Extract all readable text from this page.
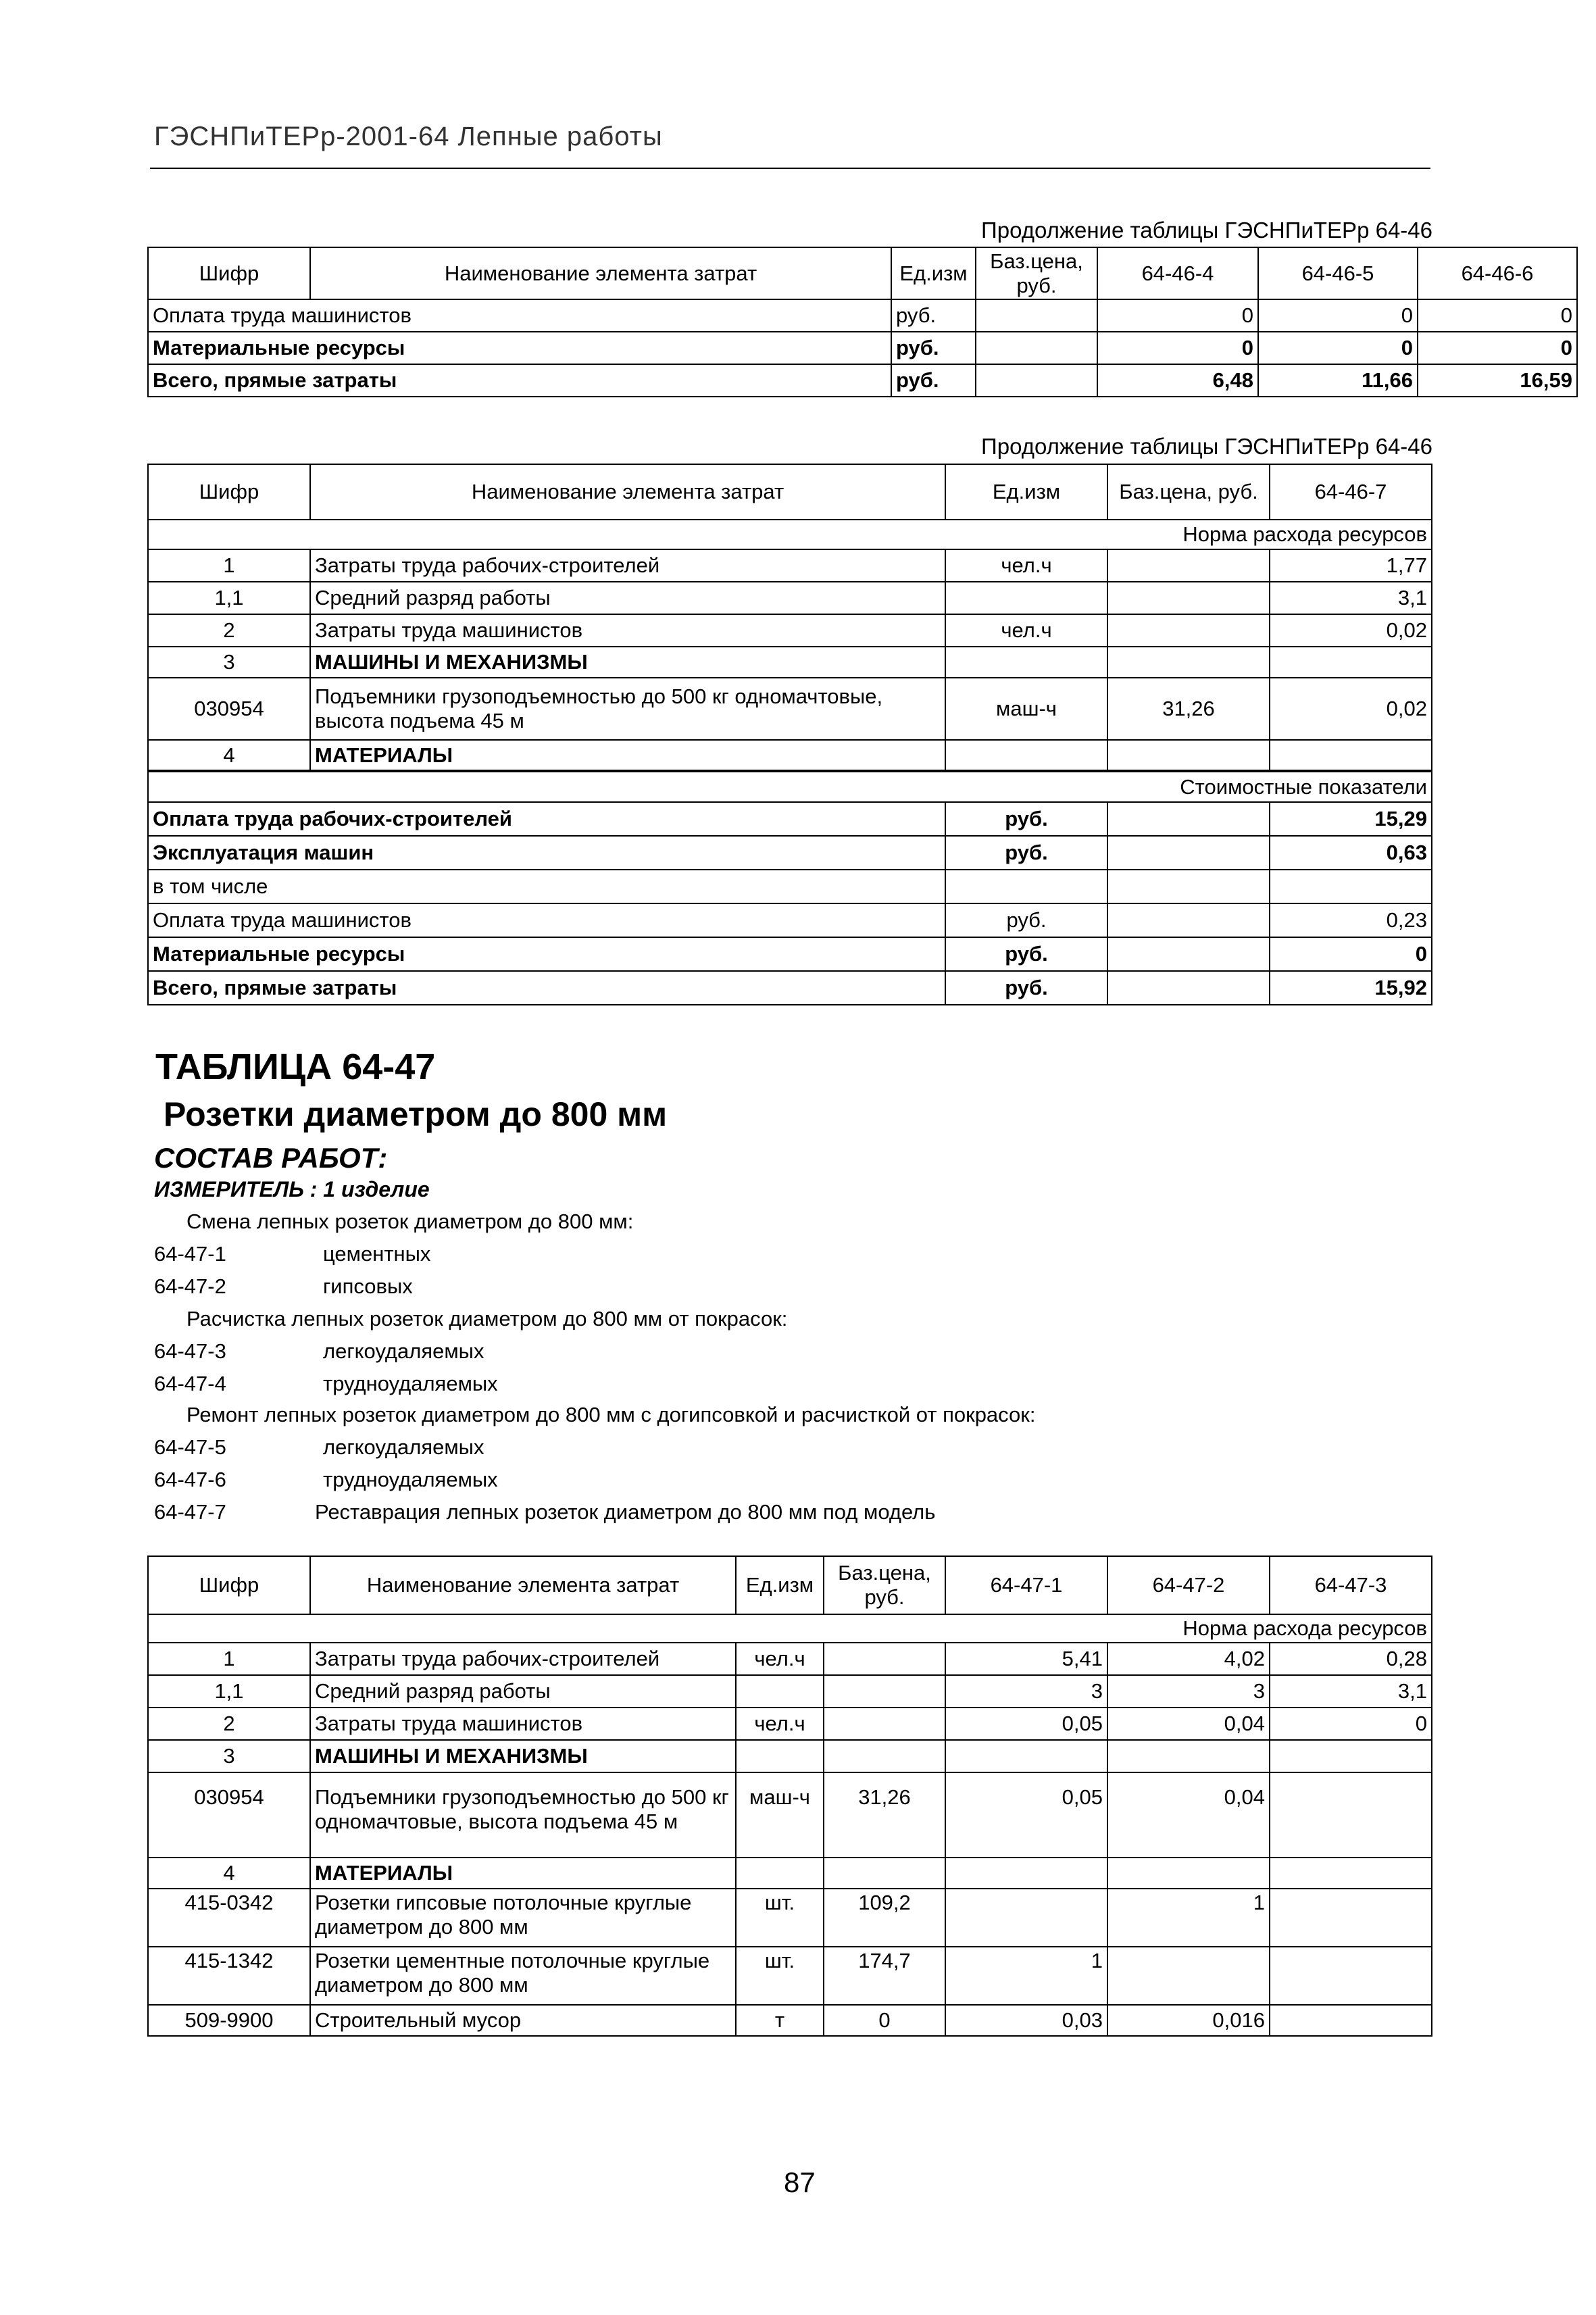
ГЭСНПиТЕРр-2001-64 Лепные работы
Продолжение таблицы ГЭСНПиТЕРр 64-46
Шифр	Наименование элемента затрат	Ед.изм	Баз.цена, руб.	64-46-4	64-46-5	64-46-6
Оплата труда машинистов		руб.		0	0	0
Материальные ресурсы		руб.		0	0	0
Всего, прямые затраты		руб.		6,48	11,66	16,59
Продолжение таблицы ГЭСНПиТЕРр 64-46
Шифр	Наименование элемента затрат	Ед.изм	Баз.цена, руб.	64-46-7
Норма расхода ресурсов				
1	Затраты труда рабочих-строителей	чел.ч		1,77
1,1	Средний разряд работы			3,1
2	Затраты труда машинистов	чел.ч		0,02
3	МАШИНЫ И МЕХАНИЗМЫ			
030954	Подъемники грузоподъемностью до 500 кг одномачтовые, высота подъема 45 м	маш-ч	31,26	0,02
4	МАТЕРИАЛЫ			
Стоимостные показатели				
Оплата труда рабочих-строителей		руб.		15,29
Эксплуатация машин		руб.		0,63
в том числе				
Оплата труда машинистов		руб.		0,23
Материальные ресурсы		руб.		0
Всего, прямые затраты		руб.		15,92
ТАБЛИЦА 64-47
Розетки диаметром до 800 мм
СОСТАВ РАБОТ:
ИЗМЕРИТЕЛЬ : 1 изделие
Смена лепных розеток диаметром до 800 мм:
64-47-1	цементных
64-47-2	гипсовых
Расчистка лепных розеток диаметром до 800 мм от покрасок:
64-47-3	легкоудаляемых
64-47-4	трудноудаляемых
Ремонт лепных розеток диаметром до 800 мм с догипсовкой и расчисткой от покрасок:
64-47-5	легкоудаляемых
64-47-6	трудноудаляемых
64-47-7	Реставрация лепных розеток диаметром до 800 мм под модель
Шифр	Наименование элемента затрат	Ед.изм	Баз.цена, руб.	64-47-1	64-47-2	64-47-3
Норма расхода ресурсов						
1	Затраты труда рабочих-строителей	чел.ч		5,41	4,02	0,28
1,1	Средний разряд работы			3	3	3,1
2	Затраты труда машинистов	чел.ч		0,05	0,04	0
3	МАШИНЫ И МЕХАНИЗМЫ					
030954	Подъемники грузоподъемностью до 500 кг одномачтовые, высота подъема 45 м	маш-ч	31,26	0,05	0,04	
4	МАТЕРИАЛЫ					
415-0342	Розетки гипсовые потолочные круглые диаметром до 800 мм	шт.	109,2		1	
415-1342	Розетки цементные потолочные круглые диаметром до 800 мм	шт.	174,7	1		
509-9900	Строительный мусор	т	0	0,03	0,016	
87
